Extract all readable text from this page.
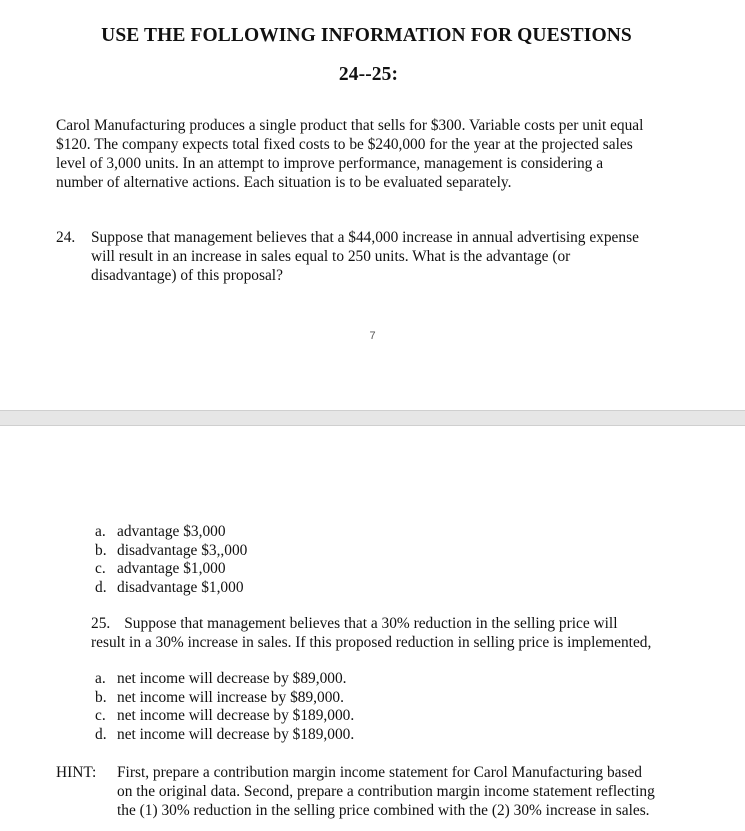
USE THE FOLLOWING INFORMATION FOR QUESTIONS
24--25:
Carol Manufacturing produces a single product that sells for $300. Variable costs per unit equal
$120. The company expects total fixed costs to be $240,000 for the year at the projected sales
level of 3,000 units. In an attempt to improve performance, management is considering a
number of alternative actions. Each situation is to be evaluated separately.
24. Suppose that management believes that a $44,000 increase in annual advertising expense
will result in an increase in sales equal to 250 units. What is the advantage (or
disadvantage) of this proposal?
7
a. advantage $3,000
b. disadvantage $3,,000
c. advantage $1,000
d. disadvantage $1,000
25. Suppose that management believes that a 30% reduction in the selling price will
result in a 30% increase in sales. If this proposed reduction in selling price is implemented,
a. net income will decrease by $89,000.
b. net income will increase by $89,000.
c. net income will decrease by $189,000.
d. net income will decrease by $189,000.
HINT: First, prepare a contribution margin income statement for Carol Manufacturing based
on the original data. Second, prepare a contribution margin income statement reflecting
the (1) 30% reduction in the selling price combined with the (2) 30% increase in sales.
